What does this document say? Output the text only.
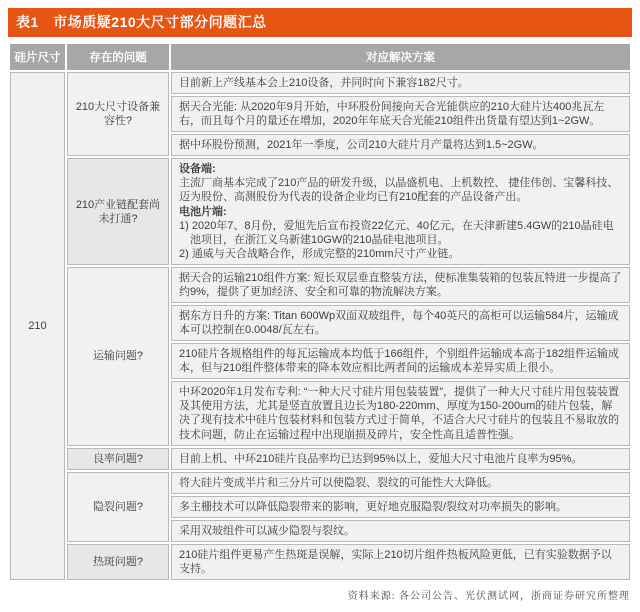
表1　市场质疑210大尺寸部分问题汇总
硅片尺寸	存在的问题	对应解决方案
210	210大尺寸设备兼容性?	目前新上产线基本会上210设备，并同时向下兼容182尺寸。
		据天合光能: 从2020年9月开始，中环股份间接向天合光能供应的210大硅片达400兆瓦左右，而且每个月的量还在增加，2020年年底天合光能210组件出货量有望达到1~2GW。
		据中环股份预测，2021年一季度，公司210大硅片月产量将达到1.5~2GW。
	210产业链配套尚未打通?	设备端:
主流厂商基本完成了210产品的研发升级，以晶盛机电、上机数控、 捷佳伟创、宝馨科技、迈为股份、高测股份为代表的设备企业均已有210配套的产品设备产出。
电池片端:
1) 2020年7、8月份，爱旭先后宣布投资22亿元、40亿元，在天津新建5.4GW的210晶硅电池项目，在浙江义乌新建10GW的210晶硅电池项目。
2) 通威与天合战略合作，形成完整的210mm尺寸产业链。

	运输问题?	据天合的运输210组件方案: 短长双层垂直整装方法，使标准集装箱的包装瓦特进一步提高了约9%，提供了更加经济、安全和可靠的物流解决方案。
		据东方日升的方案: Titan 600Wp双面双玻组件，每个40英尺的高柜可以运输584片，运输成本可以控制在0.0048/瓦左右。
		210硅片各规格组件的每瓦运输成本均低于166组件，个别组件运输成本高于182组件运输成本，但与210组件整体带来的降本效应相比两者间的运输成本差异实质上很小。
		中环2020年1月发布专利: “一种大尺寸硅片用包装装置”，提供了一种大尺寸硅片用包装装置及其使用方法，尤其是竖直放置且边长为180-220mm、厚度为150-200um的硅片包装，解决了现有技术中硅片包装材料和包装方式过于简单，不适合大尺寸硅片的包装且不易取放的技术问题，防止在运输过程中出现崩损及碎片，安全性高且适普性强。
	良率问题?	目前上机、中环210硅片良品率均已达到95%以上，爱旭大尺寸电池片良率为95%。
	隐裂问题?	将大硅片变成半片和三分片可以使隐裂、裂纹的可能性大大降低。
		多主栅技术可以降低隐裂带来的影响，更好地克服隐裂/裂纹对功率损失的影响。
		采用双玻组件可以减少隐裂与裂纹。
	热斑问题?	210硅片组件更易产生热斑是误解，实际上210切片组件热板风险更低，已有实验数据予以支持。
资料来源: 各公司公告、光伏测试网，浙商证券研究所整理
